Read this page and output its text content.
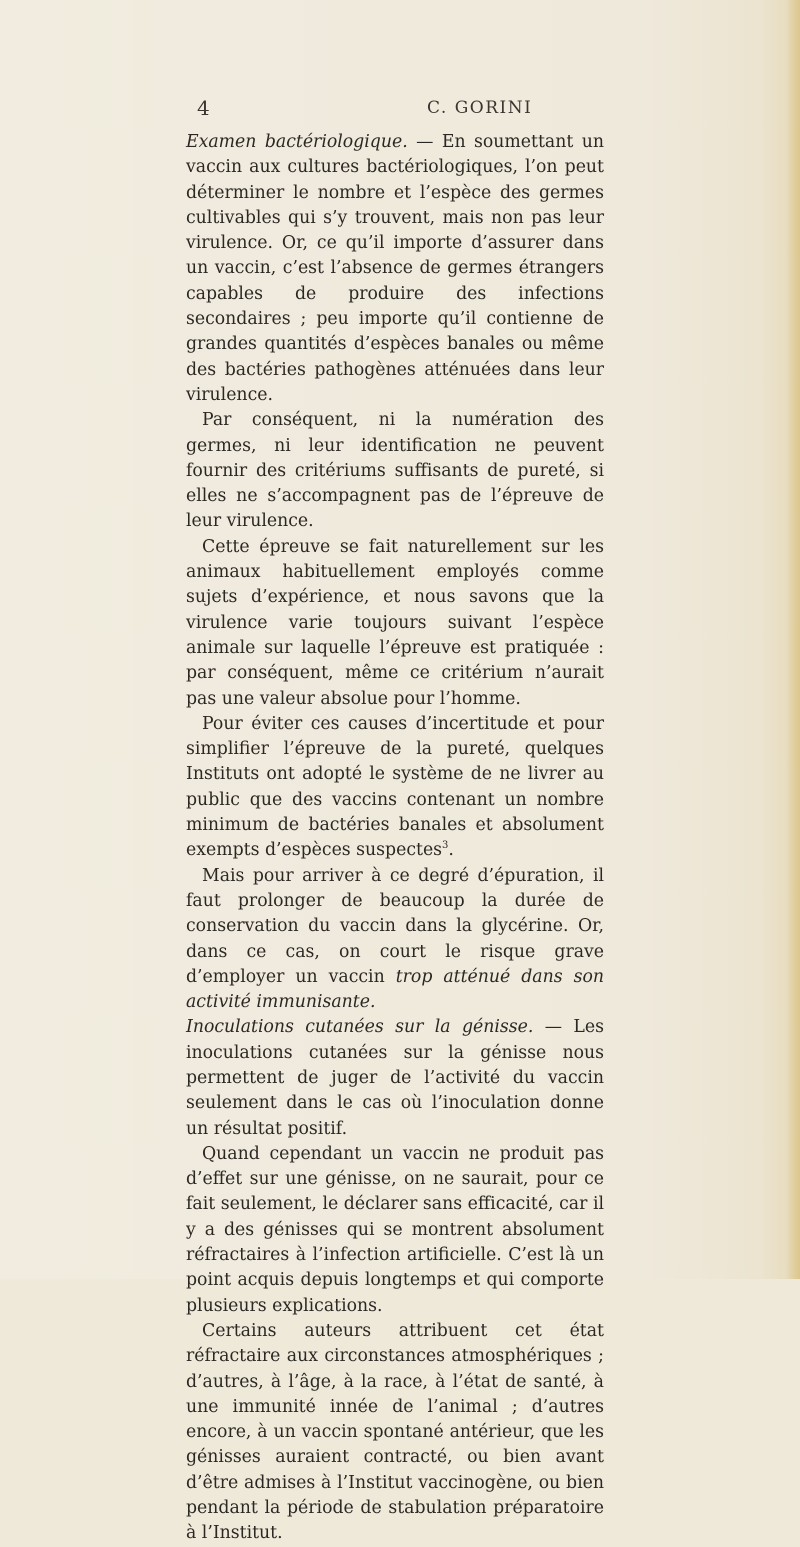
4	C. GORINI

Examen bactériologique. — En soumettant un vaccin aux cultures bactériologiques, l’on peut déterminer le nombre et l’espèce des germes cultivables qui s’y trouvent, mais non pas leur virulence. Or, ce qu’il importe d’assurer dans un vaccin, c’est l’absence de germes étrangers capables de produire des infections secondaires ; peu importe qu’il contienne de grandes quantités d’espèces banales ou même des bactéries pathogènes atténuées dans leur virulence.

Par conséquent, ni la numération des germes, ni leur identification ne peuvent fournir des critériums suffisants de pureté, si elles ne s’accompagnent pas de l’épreuve de leur virulence.

Cette épreuve se fait naturellement sur les animaux habituellement employés comme sujets d’expérience, et nous savons que la virulence varie toujours suivant l’espèce animale sur laquelle l’épreuve est pratiquée : par conséquent, même ce critérium n’aurait pas une valeur absolue pour l’homme.

Pour éviter ces causes d’incertitude et pour simplifier l’épreuve de la pureté, quelques Instituts ont adopté le système de ne livrer au public que des vaccins contenant un nombre minimum de bactéries banales et absolument exempts d’espèces suspectes$^3$.

Mais pour arriver à ce degré d’épuration, il faut prolonger de beaucoup la durée de conservation du vaccin dans la glycérine. Or, dans ce cas, on court le risque grave d’employer un vaccin trop atténué dans son activité immunisante.

Inoculations cutanées sur la génisse. — Les inoculations cutanées sur la génisse nous permettent de juger de l’activité du vaccin seulement dans le cas où l’inoculation donne un résultat positif.

Quand cependant un vaccin ne produit pas d’effet sur une génisse, on ne saurait, pour ce fait seulement, le déclarer sans efficacité, car il y a des génisses qui se montrent absolument réfractaires à l’infection artificielle. C’est là un point acquis depuis longtemps et qui comporte plusieurs explications.

Certains auteurs attribuent cet état réfractaire aux circonstances atmosphériques ; d’autres, à l’âge, à la race, à l’état de santé, à une immunité innée de l’animal ; d’autres encore, à un vaccin spontané antérieur, que les génisses auraient contracté, ou bien avant d’être admises à l’Institut vaccinogène, ou bien pendant la période de stabulation préparatoire à l’Institut.
